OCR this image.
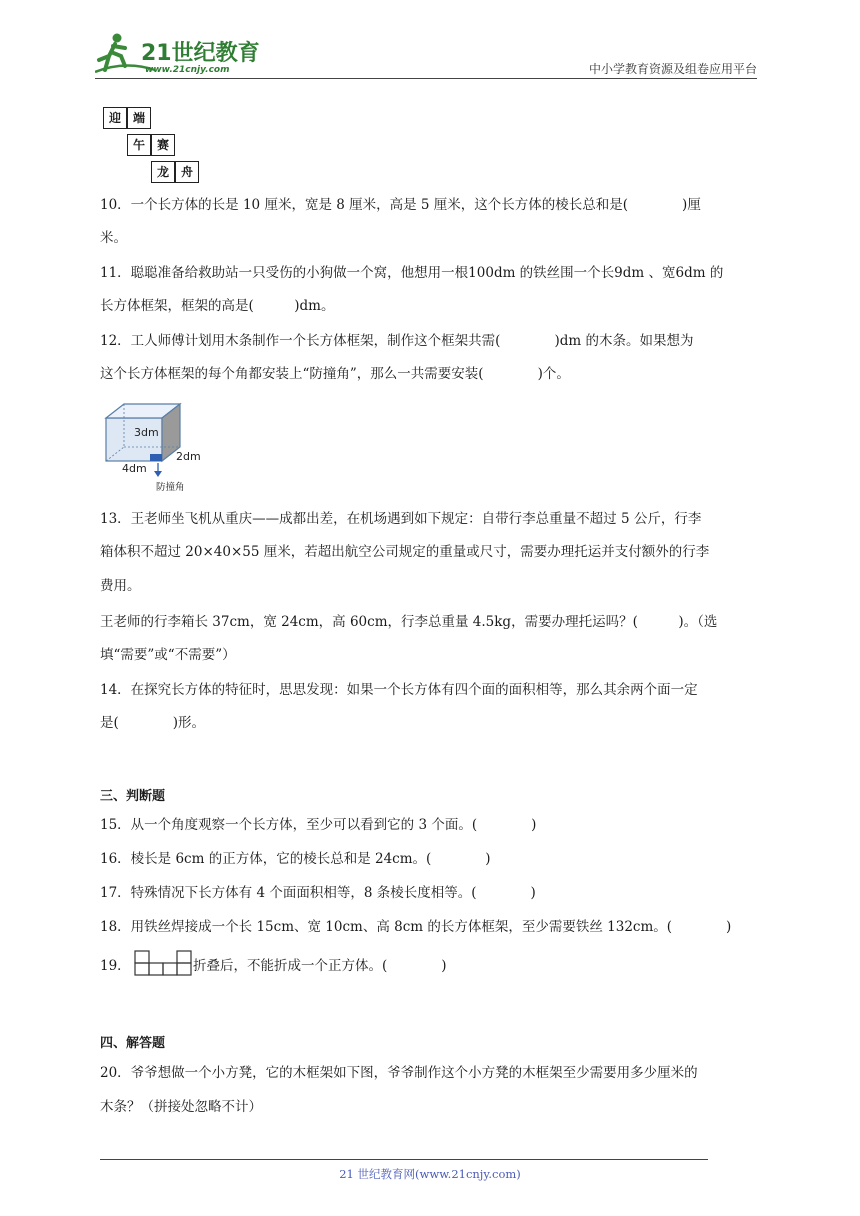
21世纪教育
www.21cnjy.com	中小学教育资源及组卷应用平台
迎 端
午 赛
龙 舟

10．一个长方体的长是 10 厘米，宽是 8 厘米，高是 5 厘米，这个长方体的棱长总和是(　　　　)厘

米。

11．聪聪准备给救助站一只受伤的小狗做一个窝，他想用一根100dm 的铁丝围一个长9dm 、宽6dm 的

长方体框架，框架的高是(　　　)dm。

12．工人师傅计划用木条制作一个长方体框架，制作这个框架共需(　　　　)dm 的木条。如果想为

这个长方体框架的每个角都安装上“防撞角”，那么一共需要安装(　　　　)个。

3dm
2dm
4dm
防撞角

13．王老师坐飞机从重庆——成都出差，在机场遇到如下规定：自带行李总重量不超过 5 公斤，行李

箱体积不超过 20×40×55 厘米，若超出航空公司规定的重量或尺寸，需要办理托运并支付额外的行李

费用。

王老师的行李箱长 37cm，宽 24cm，高 60cm，行李总重量 4.5kg，需要办理托运吗？(　　　)。（选

填“需要”或“不需要”）

14．在探究长方体的特征时，思思发现：如果一个长方体有四个面的面积相等，那么其余两个面一定

是(　　　　)形。

三、判断题

15．从一个角度观察一个长方体，至少可以看到它的 3 个面。(　　　　)

16．棱长是 6cm 的正方体，它的棱长总和是 24cm。(　　　　)

17．特殊情况下长方体有 4 个面面积相等，8 条棱长度相等。(　　　　)

18．用铁丝焊接成一个长 15cm、宽 10cm、高 8cm 的长方体框架，至少需要铁丝 132cm。(　　　　)

19．	折叠后，不能折成一个正方体。(　　　　)

四、解答题

20．爷爷想做一个小方凳，它的木框架如下图，爷爷制作这个小方凳的木框架至少需要用多少厘米的

木条？（拼接处忽略不计）

21 世纪教育网(www.21cnjy.com)
